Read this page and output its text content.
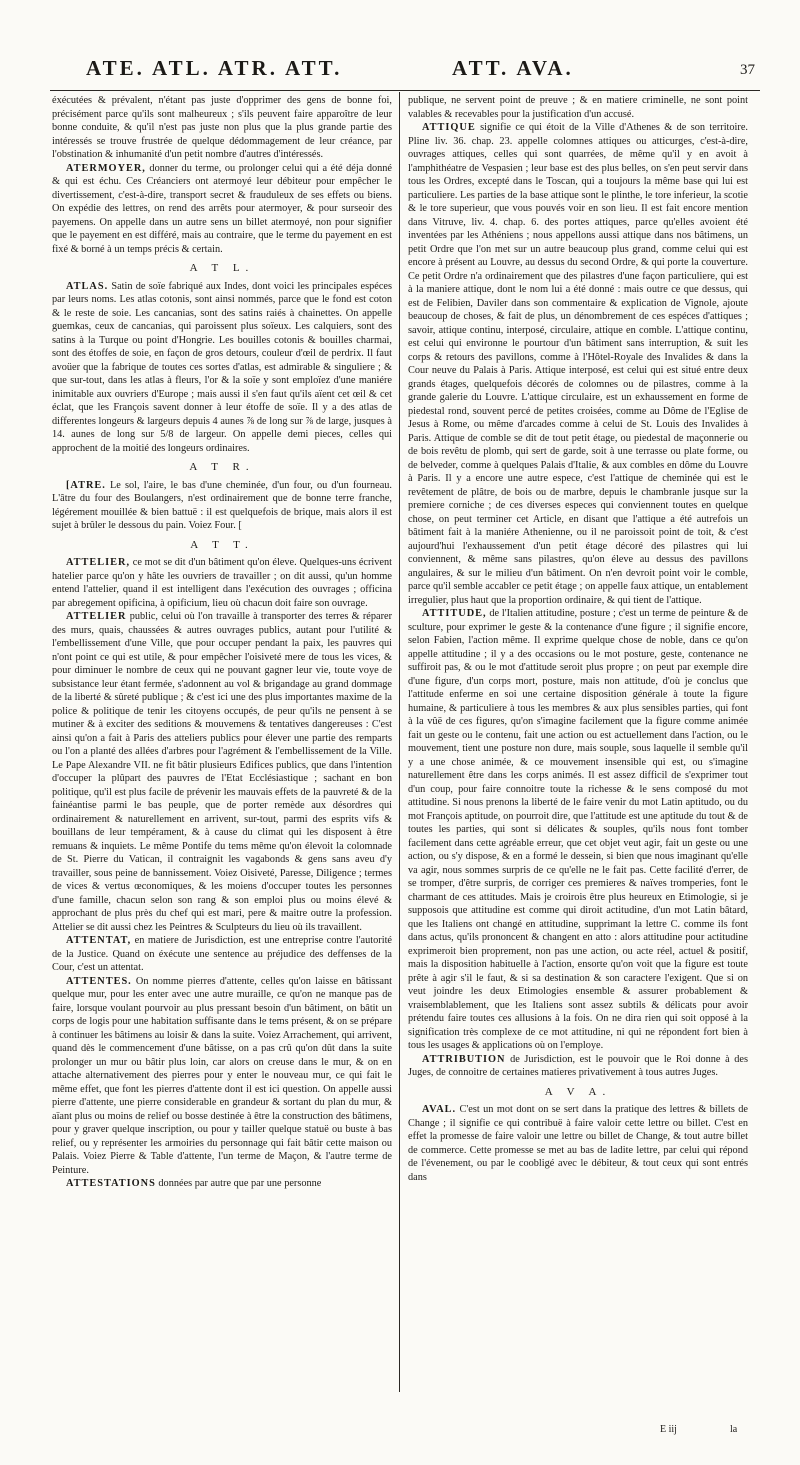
ATE. ATL. ATR. ATT.	ATT. AVA.	37

éxécutées & prévalent, n'étant pas juste d'opprimer des gens de bonne foi, précisément parce qu'ils sont malheureux ; s'ils peuvent faire apparoître de leur bonne conduite, & qu'il n'est pas juste non plus que la plus grande partie des intéressés se trouve frustrée de quelque dédommagement de leur créance, par l'obstination & inhumanité d'un petit nombre d'autres d'intéressés.

ATERMOYER, donner du terme, ou prolonger celui qui a été déja donné & qui est échu. Ces Créanciers ont atermoyé leur débiteur pour empêcher le divertissement, c'est-à-dire, transport secret & frauduleux de ses effets ou biens. On expédie des lettres, on rend des arrêts pour atermoyer, & pour surseoir des payemens. On appelle dans un autre sens un billet atermoyé, non pour signifier que le payement en est différé, mais au contraire, que le terme du payement en est fixé & borné à un temps précis & certain.

A T L.

ATLAS. Satin de soïe fabriqué aux Indes, dont voici les principales espéces par leurs noms. Les atlas cotonis, sont ainsi nommés, parce que le fond est coton & le reste de soie. Les cancanias, sont des satins raiés à chainettes. On appelle guemkas, ceux de cancanias, qui paroissent plus soïeux. Les calquiers, sont des satins à la Turque ou point d'Hongrie. Les bouilles cotonis & bouilles charmai, sont des étoffes de soie, en façon de gros detours, couleur d'œil de perdrix. Il faut avoüer que la fabrique de toutes ces sortes d'atlas, est admirable & singuliere ; & que sur-tout, dans les atlas à fleurs, l'or & la soïe y sont emploïez d'une maniére inimitable aux ouvriers d'Europe ; mais aussi il s'en faut qu'ils aïent cet œil & cet éclat, que les François savent donner à leur étoffe de soïe. Il y a des atlas de differentes longeurs & largeurs depuis 4 aunes ⅞ de long sur ⅞ de large, jusques à 14. aunes de long sur 5/8 de largeur. On appelle demi pieces, celles qui approchent de la moitié des longeurs ordinaires.

A T R.

[ATRE. Le sol, l'aire, le bas d'une cheminée, d'un four, ou d'un fourneau. L'âtre du four des Boulangers, n'est ordinairement que de bonne terre franche, légérement mouillée & bien battuë : il est quelquefois de brique, mais alors il est sujet à brûler le dessous du pain. Voiez Four. [

A T T.

ATTELIER, ce mot se dit d'un bâtiment qu'on éleve. Quelques-uns écrivent hatelier parce qu'on y hâte les ouvriers de travailler ; on dit aussi, qu'un homme entend l'attelier, quand il est intelligent dans l'exécution des ouvrages ; officina par abregement opificina, à opificium, lieu où chacun doit faire son ouvrage.

ATTELIER public, celui où l'on travaille à transporter des terres & réparer des murs, quais, chaussées & autres ouvrages publics, autant pour l'utilité & l'embellissement d'une Ville, que pour occuper pendant la paix, les pauvres qui n'ont point ce qui est utile, & pour empêcher l'oisiveté mere de tous les vices, & pour diminuer le nombre de ceux qui ne pouvant gagner leur vie, toute voye de subsistance leur étant fermée, s'adonnent au vol & brigandage au grand dommage de la liberté & sûreté publique ; & c'est ici une des plus importantes maxime de la police & politique de tenir les citoyens occupés, de peur qu'ils ne pensent à se mutiner & à exciter des seditions & mouvemens & tentatives dangereuses : C'est ainsi qu'on a fait à Paris des atteliers publics pour élever une partie des remparts ou l'on a planté des allées d'arbres pour l'agrément & l'embellissement de la Ville. Le Pape Alexandre VII. ne fit bâtir plusieurs Edifices publics, que dans l'intention d'occuper la plûpart des pauvres de l'Etat Ecclésiastique ; sachant en bon politique, qu'il est plus facile de prévenir les mauvais effets de la pauvreté & de la fainéantise parmi le bas peuple, que de porter remède aux désordres qui ordinairement & naturellement en arrivent, sur-tout, parmi des esprits vifs & bouillans de leur tempérament, & à cause du climat qui les disposent à être remuans & inquiets. Le même Pontife du tems même qu'on élevoit la colomnade de St. Pierre du Vatican, il contraignit les vagabonds & gens sans aveu d'y travailler, sous peine de bannissement. Voiez Oisiveté, Paresse, Diligence ; termes de vices & vertus œconomiques, & les moiens d'occuper toutes les personnes d'une famille, chacun selon son rang & son emploi plus ou moins élevé & approchant de plus près du chef qui est mari, pere & maitre outre la profession. Attelier se dit aussi chez les Peintres & Sculpteurs du lieu où ils travaillent.

ATTENTAT, en matiere de Jurisdiction, est une entreprise contre l'autorité de la Justice. Quand on éxécute une sentence au préjudice des deffenses de la Cour, c'est un attentat.

ATTENTES. On nomme pierres d'attente, celles qu'on laisse en bâtissant quelque mur, pour les enter avec une autre muraille, ce qu'on ne manque pas de faire, lorsque voulant pourvoir au plus pressant besoin d'un bâtiment, on bâtit un corps de logis pour une habitation suffisante dans le tems présent, & on se prépare à continuer les bâtimens au loisir & dans la suite. Voiez Arrachement, qui arrivent, quand dès le commencement d'une bâtisse, on a pas crû qu'on dût dans la suite prolonger un mur ou bâtir plus loin, car alors on creuse dans le mur, & on en attache alternativement des pierres pour y enter le nouveau mur, ce qui fait le même effet, que font les pierres d'attente dont il est ici question. On appelle aussi pierre d'attente, une pierre considerable en grandeur & sortant du plan du mur, & aïant plus ou moins de relief ou bosse destinée à être la construction des bâtimens, pour y graver quelque inscription, ou pour y tailler quelque statuë ou buste à bas relief, ou y représenter les armoiries du personnage qui fait bâtir cette maison ou Palais. Voiez Pierre & Table d'attente, l'un terme de Maçon, & l'autre terme de Peinture.

ATTESTATIONS données par autre que par une personne

publique, ne servent point de preuve ; & en matiere criminelle, ne sont point valables & recevables pour la justification d'un accusé.

ATTIQUE signifie ce qui étoit de la Ville d'Athenes & de son territoire. Pline liv. 36. chap. 23. appelle colomnes attiques ou atticurges, c'est-à-dire, ouvrages attiques, celles qui sont quarrées, de même qu'il y en avoit à l'amphithéatre de Vespasien ; leur base est des plus belles, on s'en peut servir dans tous les Ordres, excepté dans le Toscan, qui a toujours la même base qui lui est particuliere. Les parties de la base attique sont le plinthe, le tore inferieur, la scotie & le tore superieur, que vous pouvés voir en son lieu. Il est fait encore mention dans Vitruve, liv. 4. chap. 6. des portes attiques, parce qu'elles avoient été inventées par les Athéniens ; nous appellons aussi attique dans nos bâtimens, un petit Ordre que l'on met sur un autre beaucoup plus grand, comme celui qui est encore à présent au Louvre, au dessus du second Ordre, & qui porte la couverture. Ce petit Ordre n'a ordinairement que des pilastres d'une façon particuliere, qui est à la maniere attique, dont le nom lui a été donné : mais outre ce que dessus, qui est de Felibien, Daviler dans son commentaire & explication de Vignole, ajoute beaucoup de choses, & fait de plus, un dénombrement de ces espéces d'attiques ; savoir, attique continu, interposé, circulaire, attique en comble. L'attique continu, est celui qui environne le pourtour d'un bâtiment sans interruption, & suit les corps & retours des pavillons, comme à l'Hôtel-Royale des Invalides & dans la Cour neuve du Palais à Paris. Attique interposé, est celui qui est situé entre deux grands étages, quelquefois décorés de colomnes ou de pilastres, comme à la grande galerie du Louvre. L'attique circulaire, est un exhaussement en forme de piedestal rond, souvent percé de petites croisées, comme au Dôme de l'Eglise de Jesus à Rome, ou même d'arcades comme à celui de St. Louis des Invalides à Paris. Attique de comble se dit de tout petit étage, ou piedestal de maçonnerie ou de bois revêtu de plomb, qui sert de garde, soit à une terrasse ou plate forme, ou de belveder, comme à quelques Palais d'Italie, & aux combles en dôme du Louvre à Paris. Il y a encore une autre espece, c'est l'attique de cheminée qui est le revêtement de plâtre, de bois ou de marbre, depuis le chambranle jusque sur la premiere corniche ; de ces diverses especes qui conviennent toutes en quelque chose, on peut terminer cet Article, en disant que l'attique a été autrefois un bâtiment fait à la maniére Athenienne, ou il ne paroissoit point de toit, & c'est aujourd'hui l'exhaussement d'un petit étage décoré des pilastres qui lui conviennent, & même sans pilastres, qu'on éleve au dessus des pavillons angulaires, & sur le milieu d'un bâtiment. On n'en devroit point voir le comble, parce qu'il semble accabler ce petit étage ; on appelle faux attique, un entablement irregulier, plus haut que la proportion ordinaire, & qui tient de l'attique.

ATTITUDE, de l'Italien attitudine, posture ; c'est un terme de peinture & de sculture, pour exprimer le geste & la contenance d'une figure ; il signifie encore, selon Fabien, l'action même. Il exprime quelque chose de noble, dans ce qu'on appelle attitudine ; il y a des occasions ou le mot posture, geste, contenance ne suffiroit pas, & ou le mot d'attitude seroit plus propre ; on peut par exemple dire d'une figure, d'un corps mort, posture, mais non attitude, d'où je conclus que l'attitude enferme en soi une certaine disposition générale à toute la figure humaine, & particuliere à tous les membres & aux plus sensibles parties, qui font à la vûë de ces figures, qu'on s'imagine facilement que la figure comme animée fait un geste ou le contenu, fait une action ou est actuellement dans l'action, ou le mouvement, tient une posture non dure, mais souple, sous laquelle il semble qu'il y a une chose animée, & ce mouvement insensible qui est, ou s'imagine naturellement être dans les corps animés. Il est assez difficil de s'exprimer tout d'un coup, pour faire connoitre toute la richesse & le sens composé du mot attitudine. Si nous prenons la liberté de le faire venir du mot Latin aptitudo, ou du mot François aptitude, on pourroit dire, que l'attitude est une aptitude du tout & de toutes les parties, qui sont si délicates & souples, qu'ils nous font tomber facilement dans cette agréable erreur, que cet objet veut agir, fait un geste ou une action, ou s'y dispose, & en a formé le dessein, si bien que nous imaginant qu'elle va agir, nous sommes surpris de ce qu'elle ne le fait pas. Cette facilité d'errer, de se tromper, d'être surpris, de corriger ces premieres & naïves tromperies, font le charmant de ces attitudes. Mais je croirois être plus heureux en Etimologie, si je supposois que attitudine est comme qui diroit actitudine, d'un mot Latin bâtard, que les Italiens ont changé en attitudine, supprimant la lettre C. comme ils font dans actus, qu'ils prononcent & changent en atto : alors attitudine pour actitudine exprimeroit bien proprement, non pas une action, ou acte réel, actuel & positif, mais la disposition habituelle à l'action, ensorte qu'on voit que la figure est toute prête à agir s'il le faut, & si sa destination & son caractere l'exigent. Que si on veut joindre les deux Etimologies ensemble & assurer probablement & vraisemblablement, que les Italiens sont assez subtils & délicats pour avoir prétendu faire toutes ces allusions à la fois. On ne dira rien qui soit opposé à la signification très complexe de ce mot attitudine, ni qui ne répondent fort bien à tous les usages & applications où on l'employe.

ATTRIBUTION de Jurisdiction, est le pouvoir que le Roi donne à des Juges, de connoitre de certaines matieres privativement à tous autres Juges.

A V A.

AVAL. C'est un mot dont on se sert dans la pratique des lettres & billets de Change ; il signifie ce qui contribuë à faire valoir cette lettre ou billet. C'est en effet la promesse de faire valoir une lettre ou billet de Change, & tout autre billet de commerce. Cette promesse se met au bas de ladite lettre, par celui qui répond de l'évenement, ou par le coobligé avec le débiteur, & tout ceux qui sont entrés dans

E iij	la
